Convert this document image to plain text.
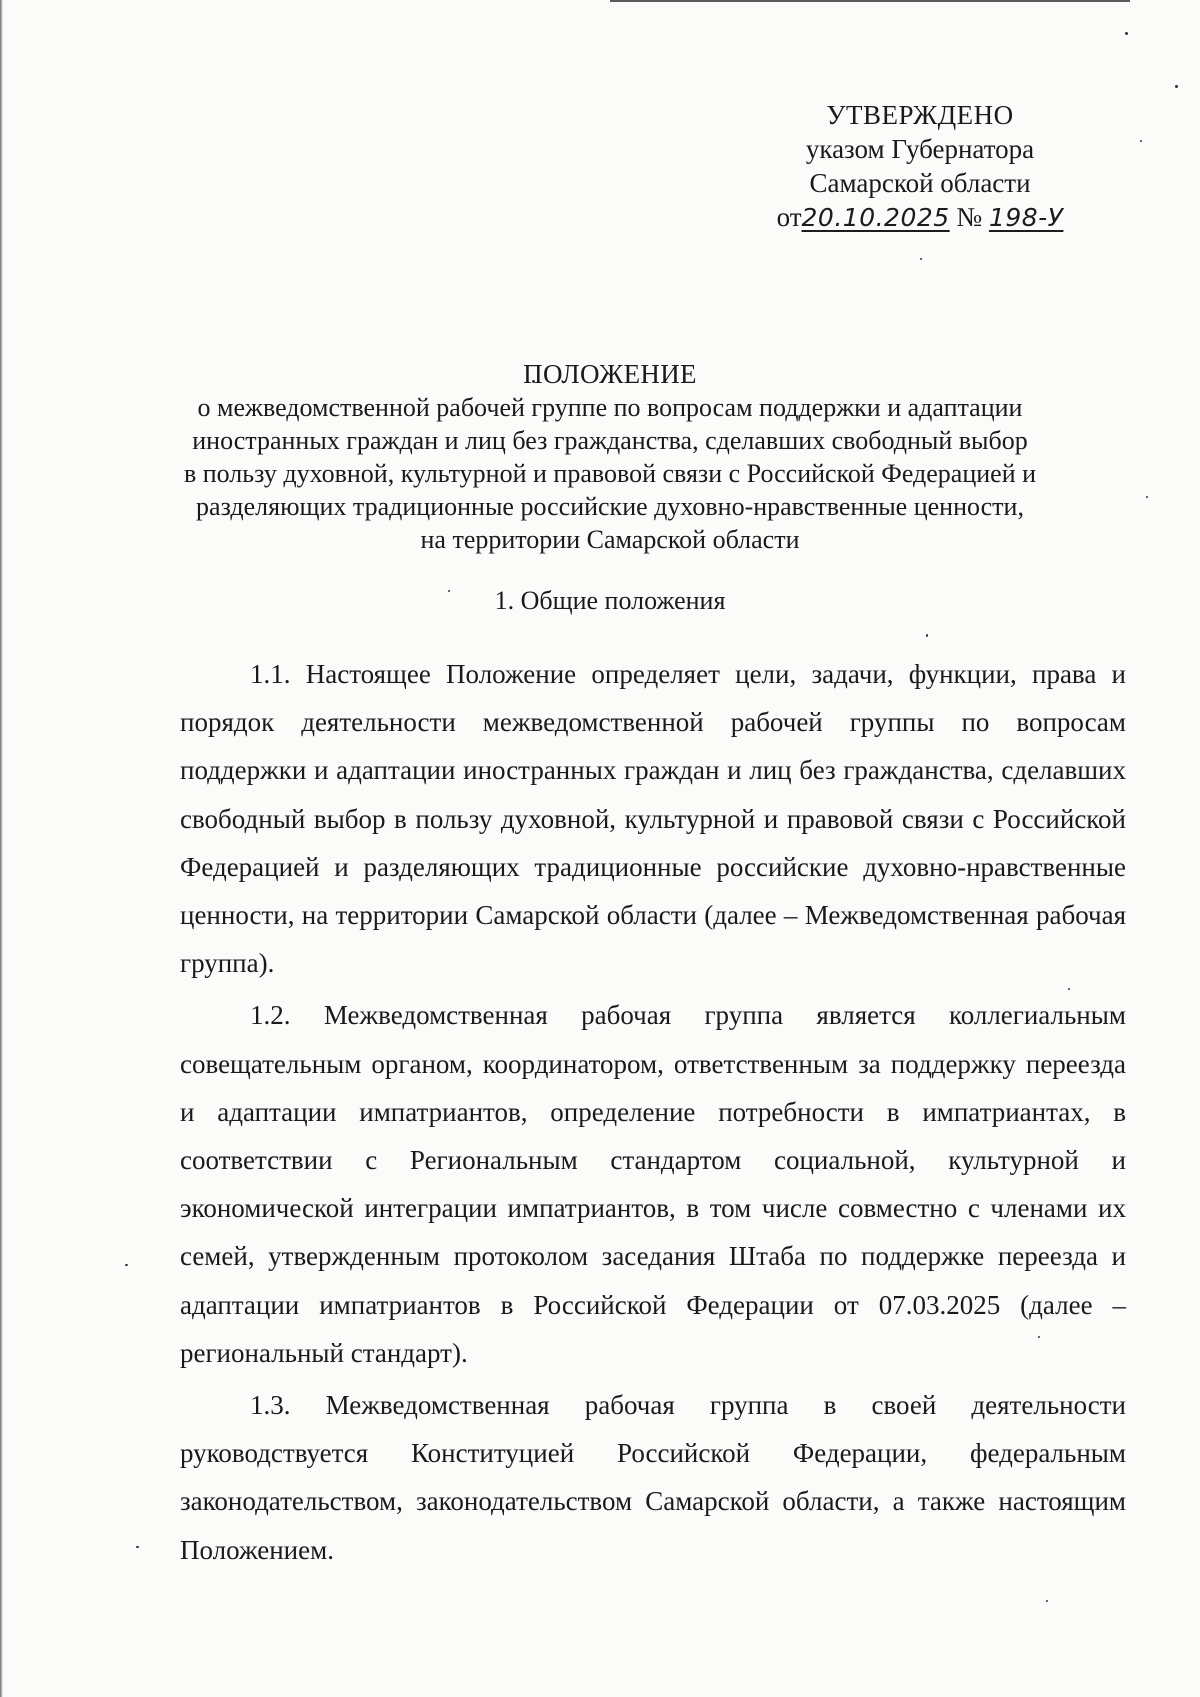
УТВЕРЖДЕНО
указом Губернатора
Самарской области
от20.10.2025 № 198-У
ПОЛОЖЕНИЕ
о межведомственной рабочей группе по вопросам поддержки и адаптации
иностранных граждан и лиц без гражданства, сделавших свободный выбор
в пользу духовной, культурной и правовой связи с Российской Федерацией и
разделяющих традиционные российские духовно-нравственные ценности,
на территории Самарской области
1. Общие положения

1.1. Настоящее Положение определяет цели, задачи, функции, права и порядок деятельности межведомственной рабочей группы по вопросам поддержки и адаптации иностранных граждан и лиц без гражданства, сделавших свободный выбор в пользу духовной, культурной и правовой связи с Российской Федерацией и разделяющих традиционные российские духовно-нравственные ценности, на территории Самарской области (далее – Межведомственная рабочая группа).

1.2. Межведомственная рабочая группа является коллегиальным совещательным органом, координатором, ответственным за поддержку переезда и адаптации импатриантов, определение потребности в импатриантах, в соответствии с Региональным стандартом социальной, культурной и экономической интеграции импатриантов, в том числе совместно с членами их семей, утвержденным протоколом заседания Штаба по поддержке переезда и адаптации импатриантов в Российской Федерации от 07.03.2025 (далее – региональный стандарт).

1.3. Межведомственная рабочая группа в своей деятельности руководствуется Конституцией Российской Федерации, федеральным законодательством, законодательством Самарской области, а также настоящим Положением.
